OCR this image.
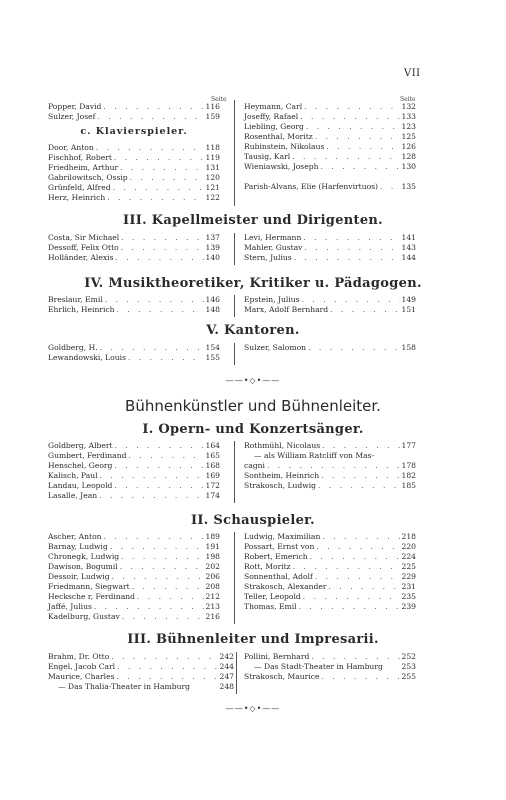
VII
Seite	Seite
Popper, David . . .	116
Sulzer, Josef . . .	159
c. Klavierspieler.
Door, Anton . . .	118
Fischhof, Robert . . .	119
Friedheim, Arthur . . .	131
Gabrilowitsch, Ossip . . .	120
Grünfeld, Alfred . . .	121
Herz, Heinrich . . .	122
Heymann, Carl . . .	132
Joseffy, Rafael . . .	133
Liebling, Georg . . .	123
Rosenthal, Moritz . . .	125
Rubinstein, Nikolaus . . .	126
Tausig, Karl . . .	128
Wieniawski, Joseph . . .	130
Parish-Alvans, Elie (Harfenvirtuos) . . .	135
III. Kapellmeister und Dirigenten.
Costa, Sir Michael . . .	137
Dessoff, Felix Otto . . .	139
Holländer, Alexis . . .	140
Levi, Hermann . . .	141
Mahler, Gustav . . .	143
Stern, Julius . . .	144
IV. Musiktheoretiker, Kritiker u. Pädagogen.
Breslaur, Emil . . .	146
Ehrlich, Heinrich . . .	148
Epstein, Julius . . .	149
Marx, Adolf Bernhard . . .	151
V. Kantoren.
Goldberg, H. . . .	154
Lewandowski, Louis . . .	155
Sulzer, Salomon . . .	158
——•◇•——
Bühnenkünstler und Bühnenleiter.
I. Opern- und Konzertsänger.
Goldberg, Albert . . .	164
Gumbert, Ferdinand . . .	165
Henschel, Georg . . .	168
Kalisch, Paul . . .	169
Landau, Leopold . . .	172
Lasalle, Jean . . .	174
Rothmühl, Nicolaus . . .	177
— als William Ratcliff von Mas-
cagni . . .	178
Sontheim, Heinrich . . .	182
Strakosch, Ludwig . . .	185
II. Schauspieler.
Ascher, Anton . . .	189
Barnay, Ludwig . . .	191
Chronegk, Ludwig . . .	198
Dawison, Bogumil . . .	202
Dessoir, Ludwig . . .	206
Friedmann, Siegwart . . .	208
Hecksche r, Ferdinand . . .	212
Jaffé, Julius . . .	213
Kadelburg, Gustav . . .	216
Ludwig, Maximilian . . .	218
Possart, Ernst von . . .	220
Robert, Emerich . . .	224
Rott, Moritz . . .	225
Sonnenthal, Adolf . . .	229
Strakosch, Alexander . . .	231
Teller, Leopold . . .	235
Thomas, Emil . . .	239
III. Bühnenleiter und Impresarii.
Brahm, Dr. Otto . . .	242
Engel, Jacob Carl . . .	244
Maurice, Charles . . .	247
— Das Thalia-Theater in Hamburg	248
Pollini, Bernhard . . .	252
— Das Stadt-Theater in Hamburg 253
Strakosch, Maurice . . .	255
——•◇•——
